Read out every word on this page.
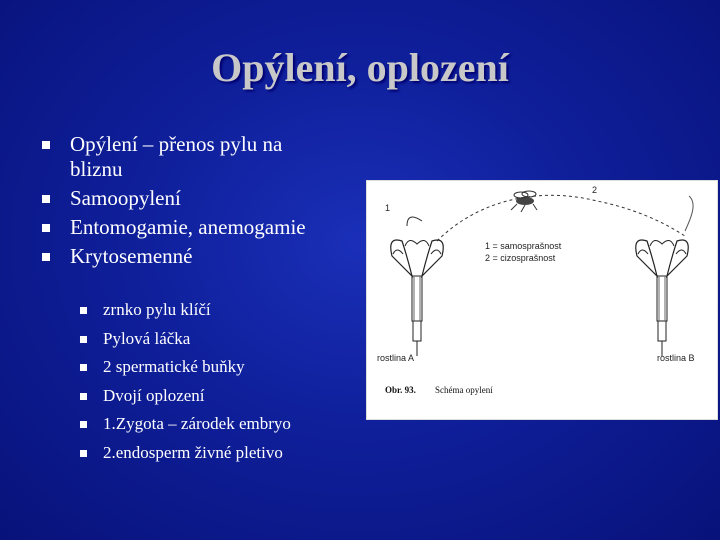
Opýlení, oplození
Opýlení – přenos pylu na
bliznu
Samoopylení
Entomogamie, anemogamie
Krytosemenné
zrnko pylu klíčí
Pylová láčka
2 spermatické buňky
Dvojí oplození
1.Zygota – zárodek embryo
2.endosperm živné pletivo
1
2
1 = samosprašnost
2 = cizosprašnost
rostlina A	rostlina B
Obr. 93. Schéma opylení
